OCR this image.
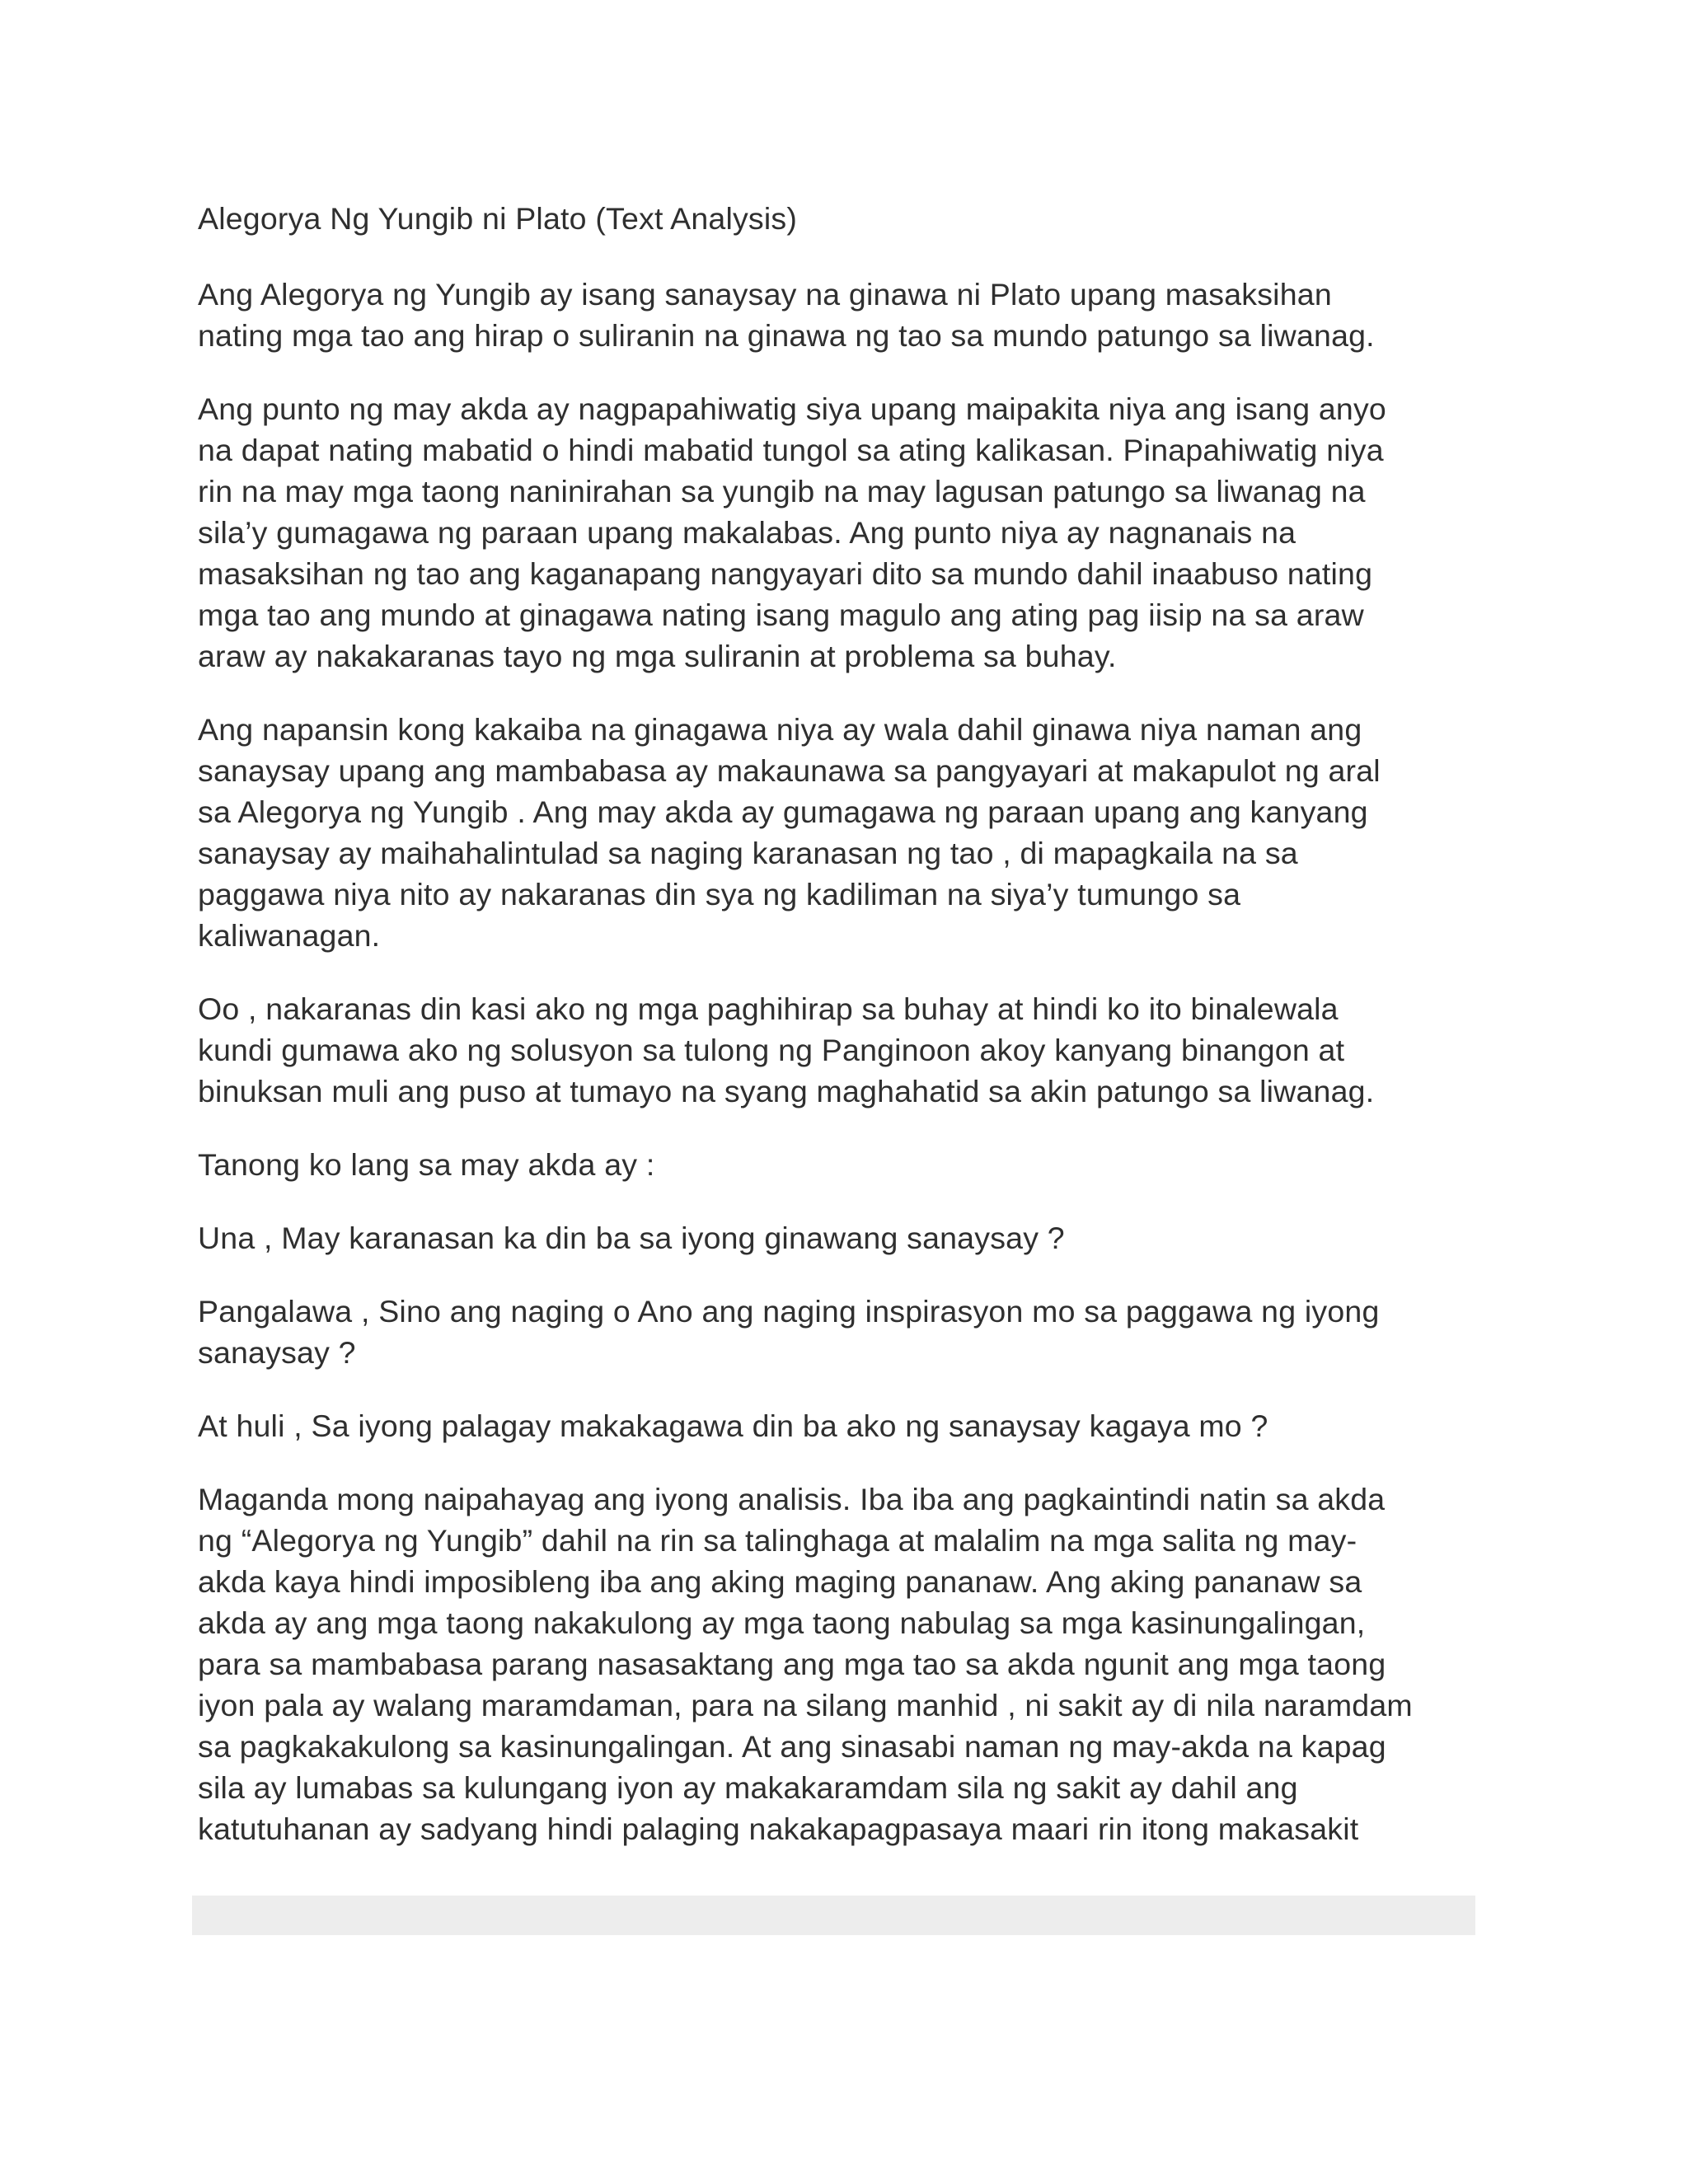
Alegorya Ng Yungib ni Plato (Text Analysis)

Ang Alegorya ng Yungib ay isang sanaysay na ginawa ni Plato upang masaksihan
nating mga tao ang hirap o suliranin na ginawa ng tao sa mundo patungo sa liwanag.

Ang punto ng may akda ay nagpapahiwatig siya upang maipakita niya ang isang anyo
na dapat nating mabatid o hindi mabatid tungol sa ating kalikasan. Pinapahiwatig niya
rin na may mga taong naninirahan sa yungib na may lagusan patungo sa liwanag na
sila’y gumagawa ng paraan upang makalabas. Ang punto niya ay nagnanais na
masaksihan ng tao ang kaganapang nangyayari dito sa mundo dahil inaabuso nating
mga tao ang mundo at ginagawa nating isang magulo ang ating pag iisip na sa araw
araw ay nakakaranas tayo ng mga suliranin at problema sa buhay.

Ang napansin kong kakaiba na ginagawa niya ay wala dahil ginawa niya naman ang
sanaysay upang ang mambabasa ay makaunawa sa pangyayari at makapulot ng aral
sa Alegorya ng Yungib . Ang may akda ay gumagawa ng paraan upang ang kanyang
sanaysay ay maihahalintulad sa naging karanasan ng tao , di mapagkaila na sa
paggawa niya nito ay nakaranas din sya ng kadiliman na siya’y tumungo sa
kaliwanagan.

Oo , nakaranas din kasi ako ng mga paghihirap sa buhay at hindi ko ito binalewala
kundi gumawa ako ng solusyon sa tulong ng Panginoon akoy kanyang binangon at
binuksan muli ang puso at tumayo na syang maghahatid sa akin patungo sa liwanag.

Tanong ko lang sa may akda ay :

Una , May karanasan ka din ba sa iyong ginawang sanaysay ?

Pangalawa , Sino ang naging o Ano ang naging inspirasyon mo sa paggawa ng iyong
sanaysay ?

At huli , Sa iyong palagay makakagawa din ba ako ng sanaysay kagaya mo ?

Maganda mong naipahayag ang iyong analisis. Iba iba ang pagkaintindi natin sa akda
ng “Alegorya ng Yungib” dahil na rin sa talinghaga at malalim na mga salita ng may-
akda kaya hindi imposibleng iba ang aking maging pananaw. Ang aking pananaw sa
akda ay ang mga taong nakakulong ay mga taong nabulag sa mga kasinungalingan,
para sa mambabasa parang nasasaktang ang mga tao sa akda ngunit ang mga taong
iyon pala ay walang maramdaman, para na silang manhid , ni sakit ay di nila naramdam
sa pagkakakulong sa kasinungalingan. At ang sinasabi naman ng may-akda na kapag
sila ay lumabas sa kulungang iyon ay makakaramdam sila ng sakit ay dahil ang
katutuhanan ay sadyang hindi palaging nakakapagpasaya maari rin itong makasakit
